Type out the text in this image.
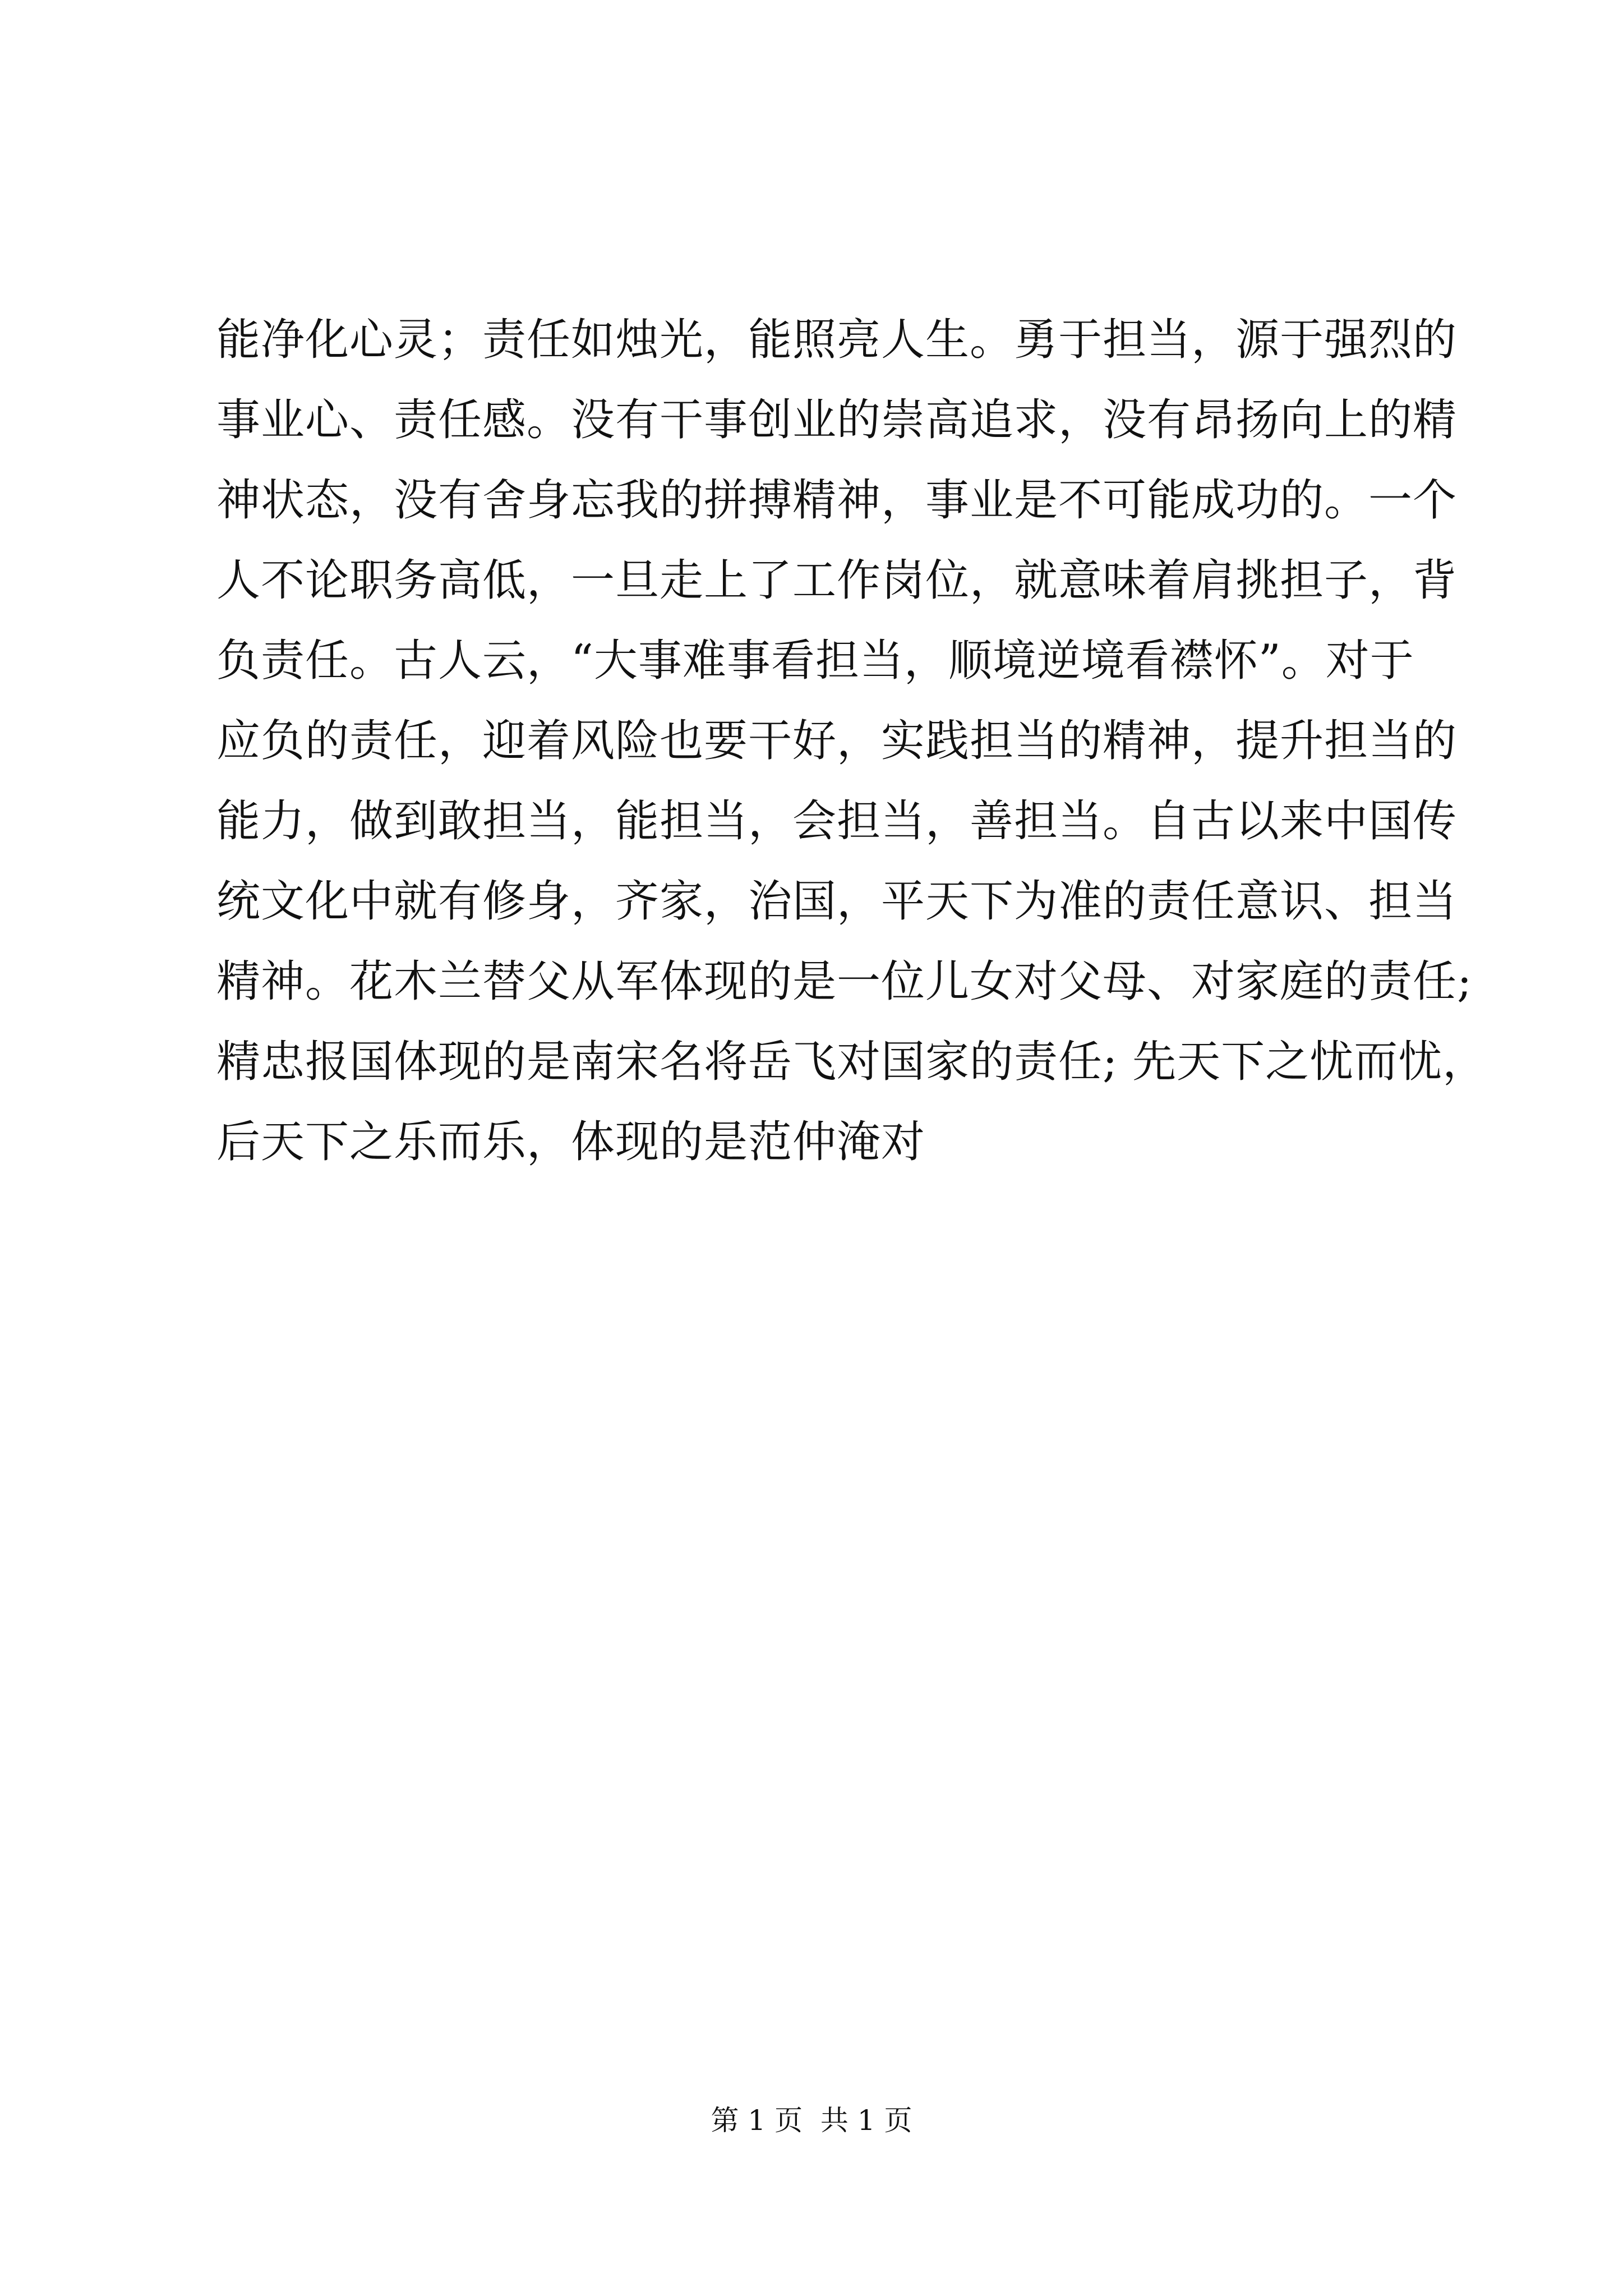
能净化心灵；责任如烛光，能照亮人生。勇于担当，源于强烈的
事业心、责任感。没有干事创业的崇高追求，没有昂扬向上的精
神状态，没有舍身忘我的拼搏精神，事业是不可能成功的。一个
人不论职务高低，一旦走上了工作岗位，就意味着肩挑担子，背
负责任。古人云，“大事难事看担当，顺境逆境看襟怀”。对于
应负的责任，迎着风险也要干好，实践担当的精神，提升担当的
能力，做到敢担当，能担当，会担当，善担当。自古以来中国传
统文化中就有修身，齐家，治国，平天下为准的责任意识、担当
精神。花木兰替父从军体现的是一位儿女对父母、对家庭的责任;
精忠报国体现的是南宋名将岳飞对国家的责任; 先天下之忧而忧，
后天下之乐而乐，体现的是范仲淹对
第 1 页 共 1 页
